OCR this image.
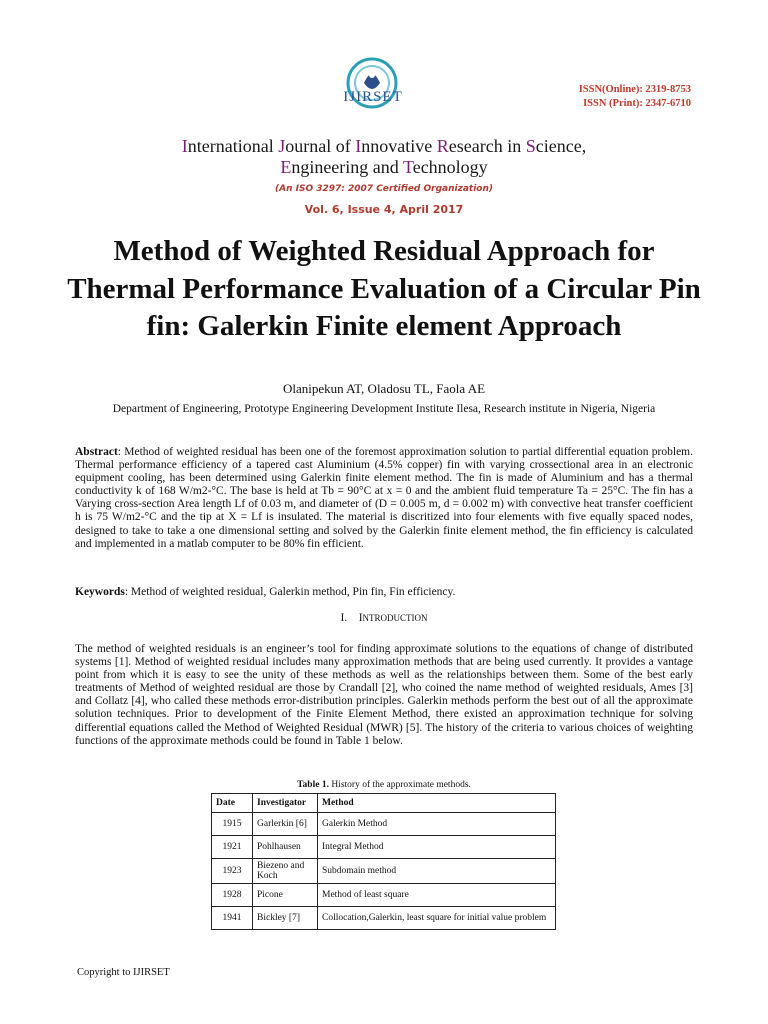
IJIRSET	ISSN(Online): 2319-8753
ISSN (Print): 2347-6710
International Journal of Innovative Research in Science,
Engineering and Technology
(An ISO 3297: 2007 Certified Organization)
Vol. 6, Issue 4, April 2017
Method of Weighted Residual Approach for Thermal Performance Evaluation of a Circular Pin fin: Galerkin Finite element Approach
Olanipekun AT, Oladosu TL, Faola AE
Department of Engineering, Prototype Engineering Development Institute Ilesa, Research institute in Nigeria, Nigeria
Abstract: Method of weighted residual has been one of the foremost approximation solution to partial differential equation problem. Thermal performance efficiency of a tapered cast Aluminium (4.5% copper) fin with varying crossectional area in an electronic equipment cooling, has been determined using Galerkin finite element method. The fin is made of Aluminium and has a thermal conductivity k of 168 W/m2-°C. The base is held at Tb = 90°C at x = 0 and the ambient fluid temperature Ta = 25°C. The fin has a Varying cross-section Area length Lf of 0.03 m, and diameter of (D = 0.005 m, d = 0.002 m) with convective heat transfer coefficient h is 75 W/m2-°C and the tip at X = Lf is insulated. The material is discritized into four elements with five equally spaced nodes, designed to take to take a one dimensional setting and solved by the Galerkin finite element method, the fin efficiency is calculated and implemented in a matlab computer to be 80% fin efficient.
Keywords: Method of weighted residual, Galerkin method, Pin fin, Fin efficiency.
I. INTRODUCTION
The method of weighted residuals is an engineer’s tool for finding approximate solutions to the equations of change of distributed systems [1]. Method of weighted residual includes many approximation methods that are being used currently. It provides a vantage point from which it is easy to see the unity of these methods as well as the relationships between them. Some of the best early treatments of Method of weighted residual are those by Crandall [2], who coined the name method of weighted residuals, Ames [3] and Collatz [4], who called these methods error-distribution principles. Galerkin methods perform the best out of all the approximate solution techniques. Prior to development of the Finite Element Method, there existed an approximation technique for solving differential equations called the Method of Weighted Residual (MWR) [5]. The history of the criteria to various choices of weighting functions of the approximate methods could be found in Table 1 below.
Table 1. History of the approximate methods.
Date	Investigator	Method
1915	Garlerkin [6]	Galerkin Method
1921	Pohlhausen	Integral Method
1923	Biezeno and Koch	Subdomain method
1928	Picone	Method of least square
1941	Bickley [7]	Collocation,Galerkin, least square for initial value problem
Copyright to IJIRSET
